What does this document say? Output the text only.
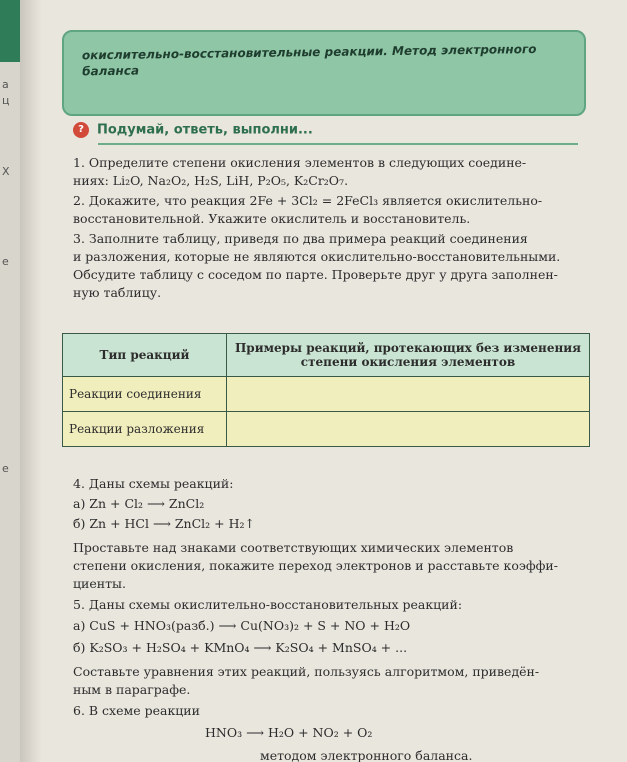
a
ц
X
e
e
окислительно-восстановительные реакции. Метод электронного баланса
? Подумай, ответь, выполни...
1. Определите степени окисления элементов в следующих соедине-
ниях: Li₂O, Na₂O₂, H₂S, LiH, P₂O₅, K₂Cr₂O₇.
2. Докажите, что реакция 2Fe + 3Cl₂ = 2FeCl₃ является окислительно-
восстановительной. Укажите окислитель и восстановитель.
3. Заполните таблицу, приведя по два примера реакций соединения
и разложения, которые не являются окислительно-восстановительными.
Обсудите таблицу с соседом по парте. Проверьте друг у друга заполнен-
ную таблицу.
Тип реакций	Примеры реакций, протекающих без изменения степени окисления элементов
Реакции соединения	
Реакции разложения	
4. Даны схемы реакций:
а) Zn + Cl₂ ⟶ ZnCl₂
б) Zn + HCl ⟶ ZnCl₂ + H₂↑
Проставьте над знаками соответствующих химических элементов
степени окисления, покажите переход электронов и расставьте коэффи-
циенты.
5. Даны схемы окислительно-восстановительных реакций:
а) CuS + HNO₃(разб.) ⟶ Cu(NO₃)₂ + S + NO + H₂O
б) K₂SO₃ + H₂SO₄ + KMnO₄ ⟶ K₂SO₄ + MnSO₄ + ...
Составьте уравнения этих реакций, пользуясь алгоритмом, приведён-
ным в параграфе.
6. В схеме реакции
HNO₃ ⟶ H₂O + NO₂ + O₂
методом электронного баланса.
